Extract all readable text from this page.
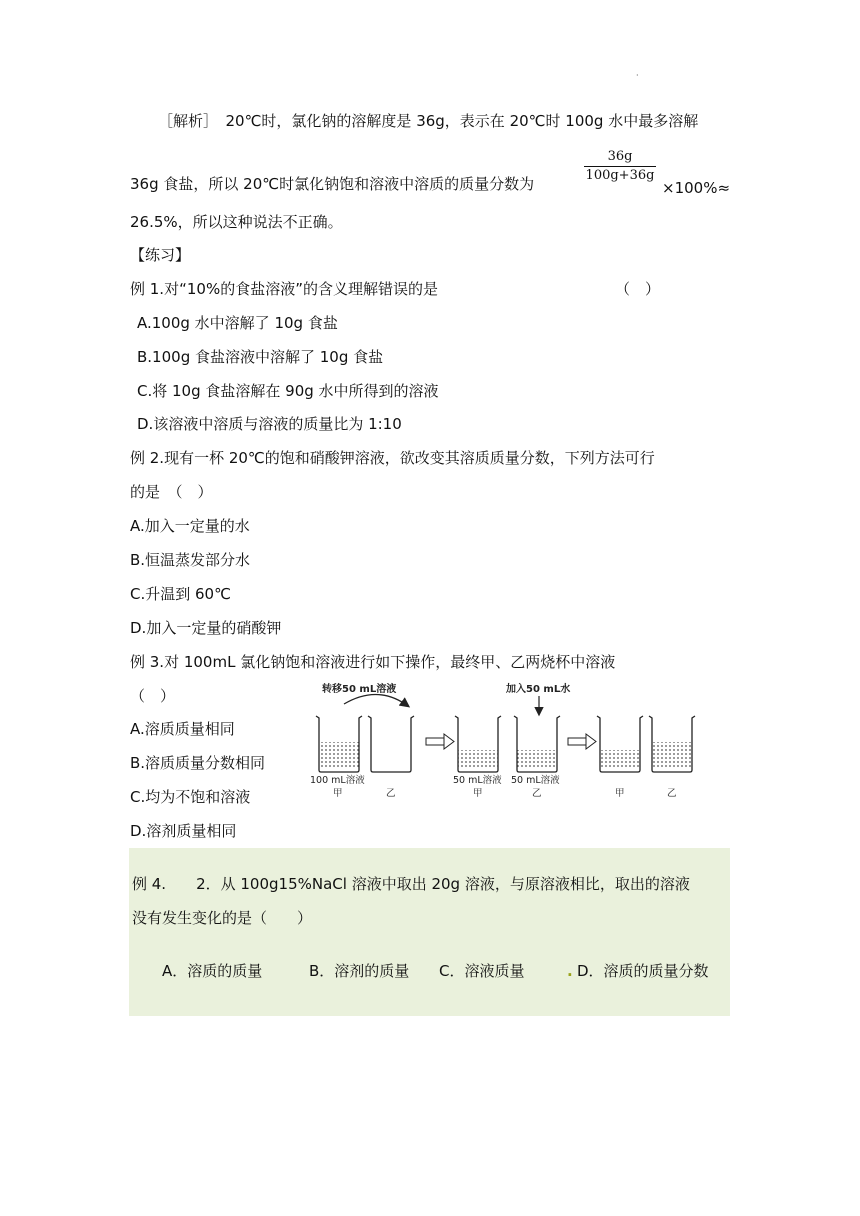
·
［解析］　20℃时，氯化钠的溶解度是 36g，表示在 20℃时 100g 水中最多溶解
36g 食盐，所以 20℃时氯化钠饱和溶液中溶质的质量分数为
36g
100g+36g
×100%≈
26.5%，所以这种说法不正确。
【练习】
例 1.对“10%的食盐溶液”的含义理解错误的是	（　）
A.100g 水中溶解了 10g 食盐
B.100g 食盐溶液中溶解了 10g 食盐
C.将 10g 食盐溶解在 90g 水中所得到的溶液
D.该溶液中溶质与溶液的质量比为 1:10
例 2.现有一杯 20℃的饱和硝酸钾溶液，欲改变其溶质质量分数，下列方法可行
的是　（　）
A.加入一定量的水
B.恒温蒸发部分水
C.升温到 60℃
D.加入一定量的硝酸钾
例 3.对 100mL 氯化钠饱和溶液进行如下操作，最终甲、乙两烧杯中溶液
（　）
A.溶质质量相同
B.溶质质量分数相同
C.均为不饱和溶液
D.溶剂质量相同
转移50 mL溶液	加入50 mL水
100 mL溶液	50 mL溶液 50 mL溶液
甲	乙	甲	乙	甲	乙
例 4.　　2．从 100g15%NaCl 溶液中取出 20g 溶液，与原溶液相比，取出的溶液
没有发生变化的是（　　）
A．溶质的质量	B．溶剂的质量 C．溶液质量	. D．溶质的质量分数
